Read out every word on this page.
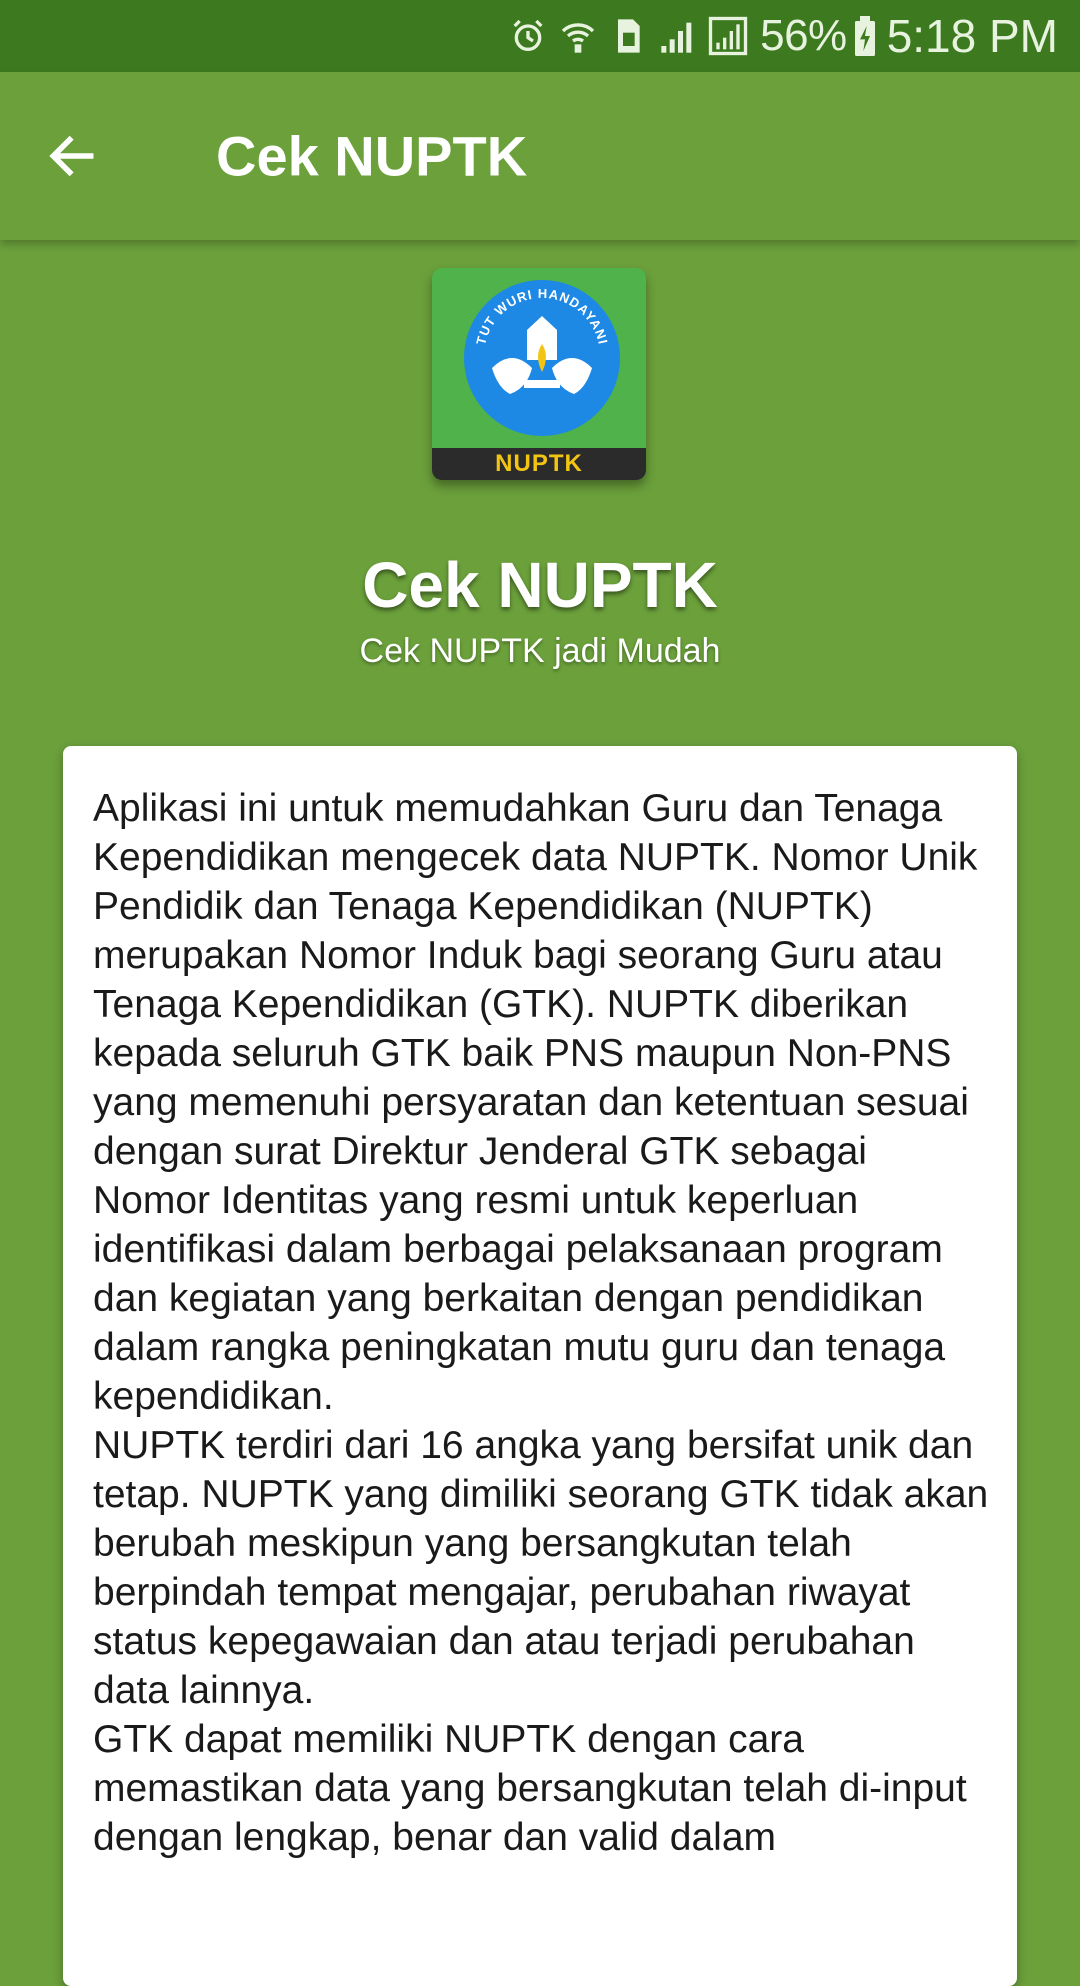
56% 5:18 PM
Cek NUPTK
TUT WURI HANDAYANI
NUPTK
Cek NUPTK
Cek NUPTK jadi Mudah

Aplikasi ini untuk memudahkan Guru dan Tenaga Kependidikan mengecek data NUPTK. Nomor Unik Pendidik dan Tenaga Kependidikan (NUPTK) merupakan Nomor Induk bagi seorang Guru atau Tenaga Kependidikan (GTK). NUPTK diberikan kepada seluruh GTK baik PNS maupun Non-PNS yang memenuhi persyaratan dan ketentuan sesuai dengan surat Direktur Jenderal GTK sebagai Nomor Identitas yang resmi untuk keperluan identifikasi dalam berbagai pelaksanaan program dan kegiatan yang berkaitan dengan pendidikan dalam rangka peningkatan mutu guru dan tenaga kependidikan.

NUPTK terdiri dari 16 angka yang bersifat unik dan tetap. NUPTK yang dimiliki seorang GTK tidak akan berubah meskipun yang bersangkutan telah berpindah tempat mengajar, perubahan riwayat status kepegawaian dan atau terjadi perubahan data lainnya.

GTK dapat memiliki NUPTK dengan cara memastikan data yang bersangkutan telah di-input dengan lengkap, benar dan valid dalam
